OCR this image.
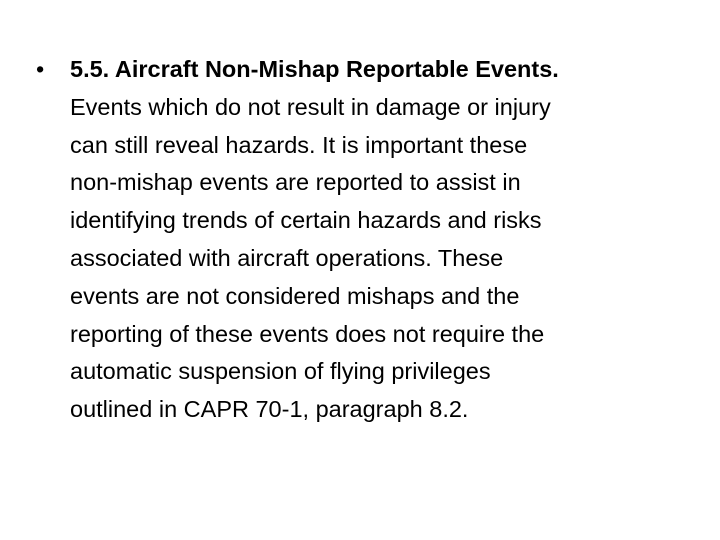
•	5.5. Aircraft Non-Mishap Reportable Events.
Events which do not result in damage or injury
can still reveal hazards. It is important these
non-mishap events are reported to assist in
identifying trends of certain hazards and risks
associated with aircraft operations. These
events are not considered mishaps and the
reporting of these events does not require the
automatic suspension of flying privileges
outlined in CAPR 70-1, paragraph 8.2.
